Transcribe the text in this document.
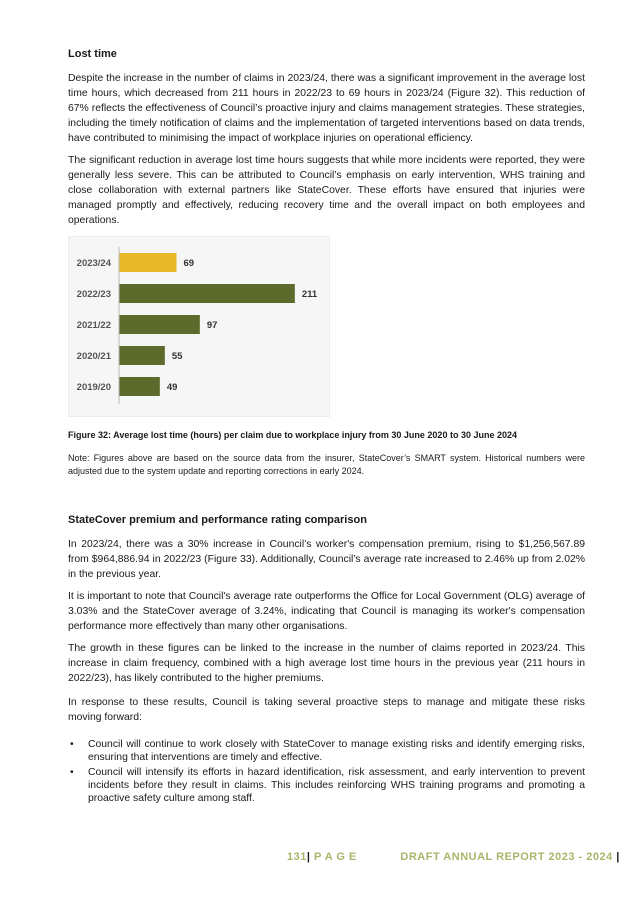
Lost time

Despite the increase in the number of claims in 2023/24, there was a significant improvement in the average lost time hours, which decreased from 211 hours in 2022/23 to 69 hours in 2023/24 (Figure 32). This reduction of 67% reflects the effectiveness of Council’s proactive injury and claims management strategies. These strategies, including the timely notification of claims and the implementation of targeted interventions based on data trends, have contributed to minimising the impact of workplace injuries on operational efficiency.

The significant reduction in average lost time hours suggests that while more incidents were reported, they were generally less severe. This can be attributed to Council’s emphasis on early intervention, WHS training and close collaboration with external partners like StateCover. These efforts have ensured that injuries were managed promptly and effectively, reducing recovery time and the overall impact on both employees and operations.

2023/24	69
2022/23	211
2021/22	97
2020/21	55
2019/20	49

Figure 32: Average lost time (hours) per claim due to workplace injury from 30 June 2020 to 30 June 2024

Note: Figures above are based on the source data from the insurer, StateCover’s SMART system. Historical numbers were adjusted due to the system update and reporting corrections in early 2024.

StateCover premium and performance rating comparison

In 2023/24, there was a 30% increase in Council’s worker's compensation premium, rising to $1,256,567.89 from $964,886.94 in 2022/23 (Figure 33). Additionally, Council’s average rate increased to 2.46% up from 2.02% in the previous year.

It is important to note that Council's average rate outperforms the Office for Local Government (OLG) average of 3.03% and the StateCover average of 3.24%, indicating that Council is managing its worker's compensation performance more effectively than many other organisations.

The growth in these figures can be linked to the increase in the number of claims reported in 2023/24. This increase in claim frequency, combined with a high average lost time hours in the previous year (211 hours in 2022/23), has likely contributed to the higher premiums.

In response to these results, Council is taking several proactive steps to manage and mitigate these risks moving forward:

• Council will continue to work closely with StateCover to manage existing risks and identify emerging risks, ensuring that interventions are timely and effective.
• Council will intensify its efforts in hazard identification, risk assessment, and early intervention to prevent incidents before they result in claims. This includes reinforcing WHS training programs and promoting a proactive safety culture among staff.
131| P A G E	DRAFT ANNUAL REPORT 2023 - 2024 |
